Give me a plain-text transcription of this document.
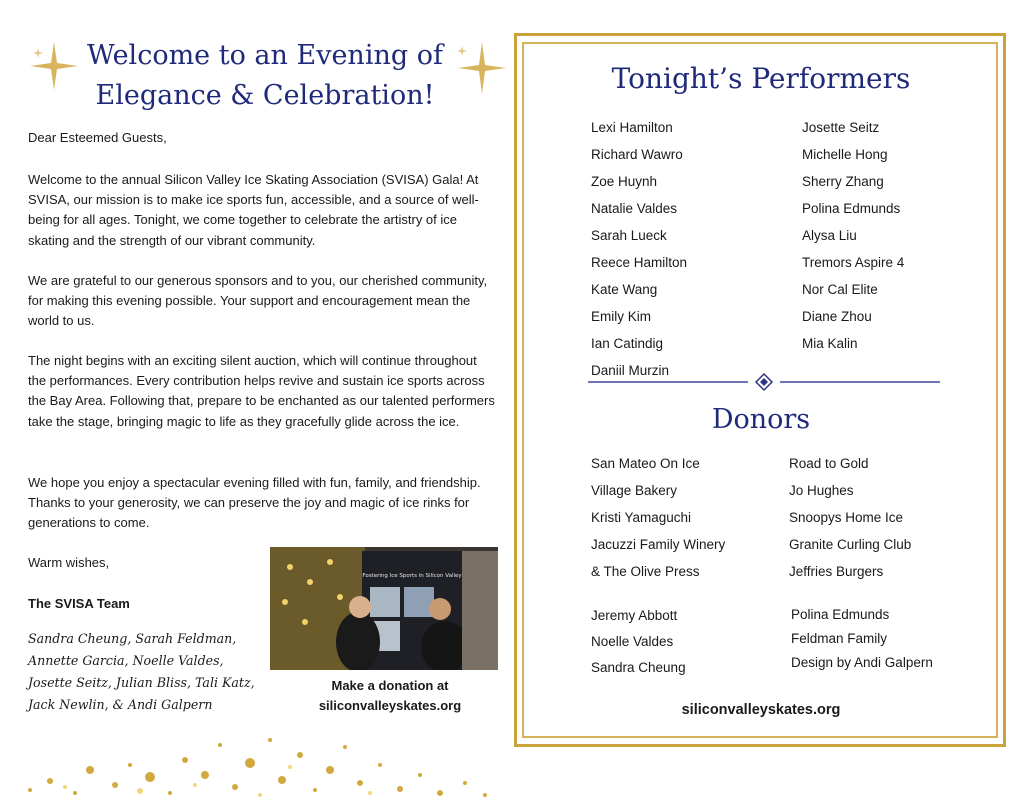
Welcome to an Evening of
Elegance & Celebration!
Dear Esteemed Guests,
Welcome to the annual Silicon Valley Ice Skating Association (SVISA) Gala! At SVISA, our mission is to make ice sports fun, accessible, and a source of well-being for all ages. Tonight, we come together to celebrate the artistry of ice skating and the strength of our vibrant community.
We are grateful to our generous sponsors and to you, our cherished community, for making this evening possible. Your support and encouragement mean the world to us.
The night begins with an exciting silent auction, which will continue throughout the performances. Every contribution helps revive and sustain ice sports across the Bay Area. Following that, prepare to be enchanted as our talented performers take the stage, bringing magic to life as they gracefully glide across the ice.
We hope you enjoy a spectacular evening filled with fun, family, and friendship. Thanks to your generosity, we can preserve the joy and magic of ice rinks for generations to come.
Warm wishes,
The SVISA Team
Sandra Cheung, Sarah Feldman,
Annette Garcia, Noelle Valdes,
Josette Seitz, Julian Bliss, Tali Katz,
Jack Newlin, & Andi Galpern
Fostering Ice Sports in Silicon Valley
Make a donation at
siliconvalleyskates.org
Tonight’s Performers
Lexi Hamilton
Richard Wawro
Zoe Huynh
Natalie Valdes
Sarah Lueck
Reece Hamilton
Kate Wang
Emily Kim
Ian Catindig
Daniil Murzin
Josette Seitz
Michelle Hong
Sherry Zhang
Polina Edmunds
Alysa Liu
Tremors Aspire 4
Nor Cal Elite
Diane Zhou
Mia Kalin
Donors
San Mateo On Ice
Village Bakery
Kristi Yamaguchi
Jacuzzi Family Winery
& The Olive Press
Road to Gold
Jo Hughes
Snoopys Home Ice
Granite Curling Club
Jeffries Burgers
Jeremy Abbott
Noelle Valdes
Sandra Cheung
Polina Edmunds
Feldman Family
Design by Andi Galpern
siliconvalleyskates.org
